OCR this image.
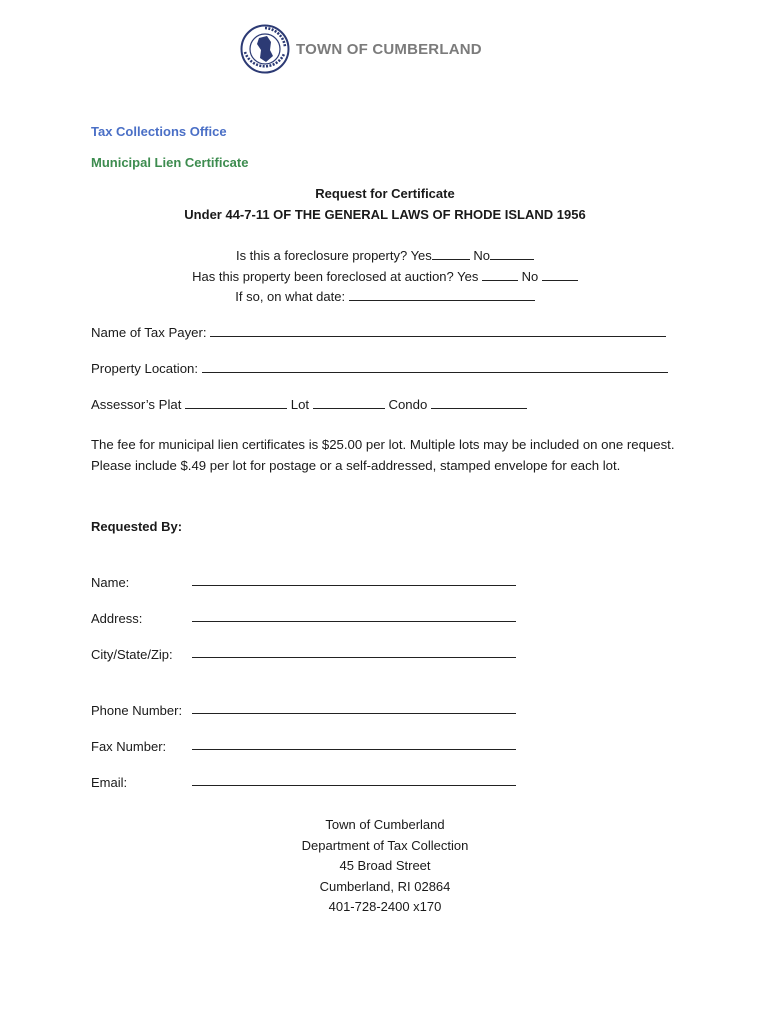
TOWN OF CUMBERLAND
Tax Collections Office
Municipal Lien Certificate
Request for Certificate
Under 44-7-11 OF THE GENERAL LAWS OF RHODE ISLAND 1956
Is this a foreclosure property? Yes	No
Has this property been foreclosed at auction? Yes	No
If so, on what date:
Name of Tax Payer:
Property Location:
Assessor’s Plat	Lot	Condo
The fee for municipal lien certificates is $25.00 per lot. Multiple lots may be included on one request. Please include $.49 per lot for postage or a self-addressed, stamped envelope for each lot.
Requested By:
Name:
Address:
City/State/Zip:
Phone Number:
Fax Number:
Email:
Town of Cumberland
Department of Tax Collection
45 Broad Street
Cumberland, RI 02864
401-728-2400 x170
